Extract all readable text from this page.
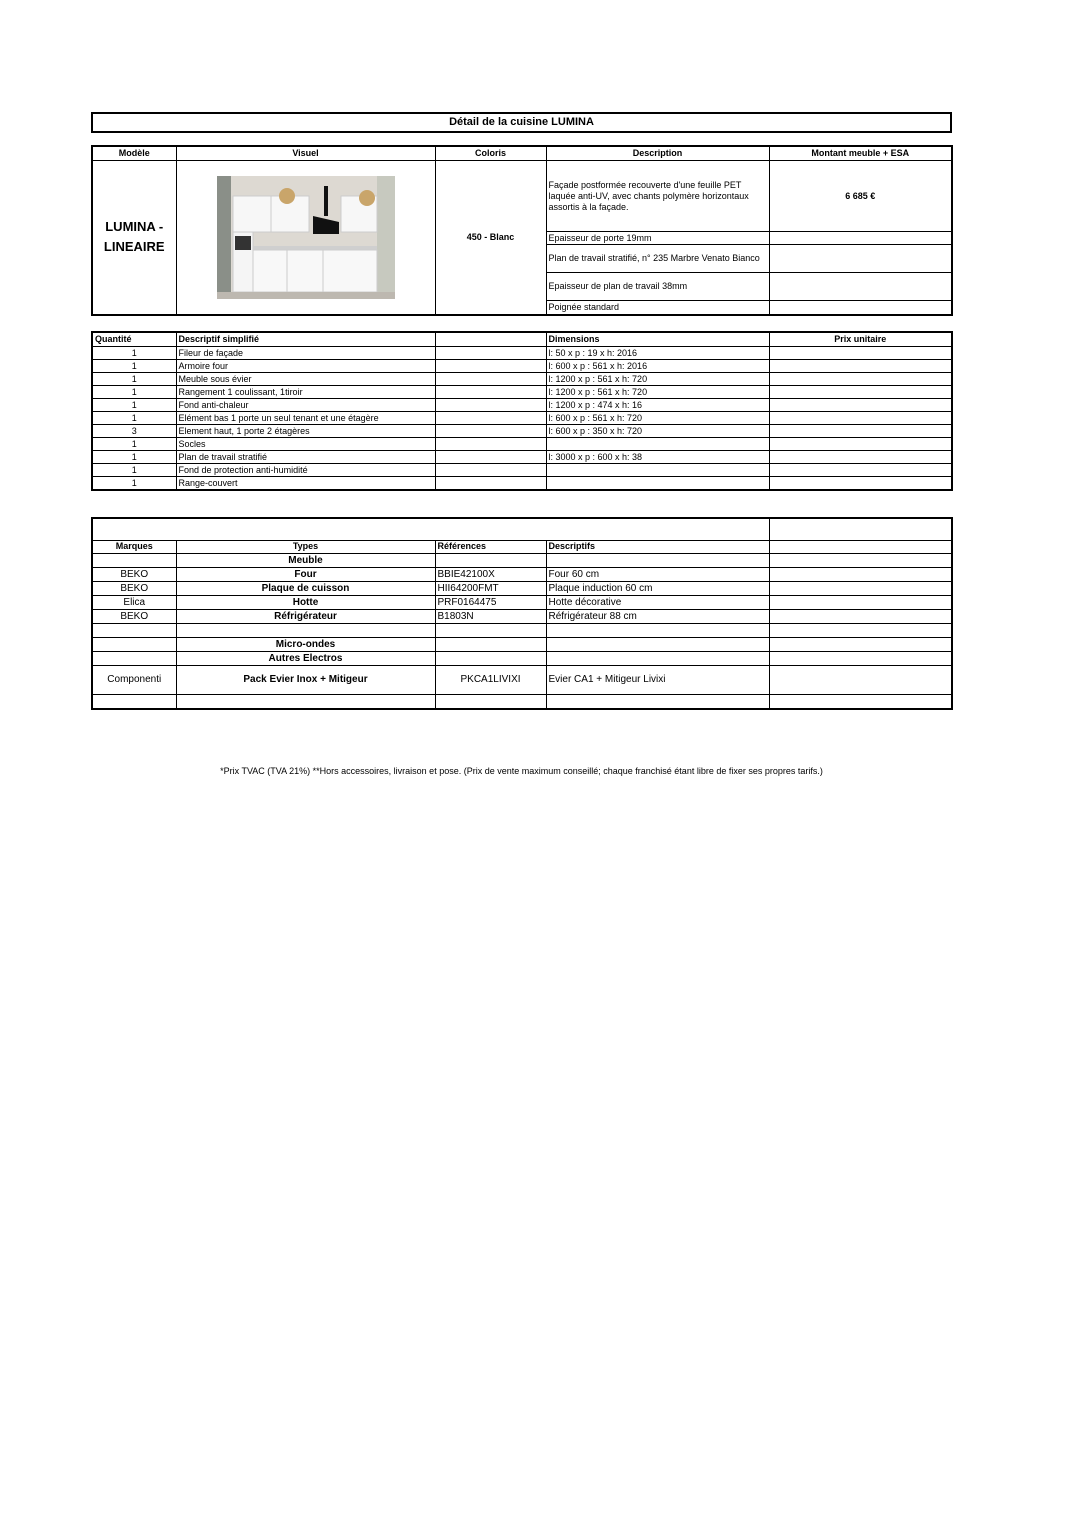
Détail de la cuisine LUMINA
Modèle	Visuel	Coloris	Description	Montant meuble + ESA
LUMINA - LINEAIRE		450 - Blanc	Façade postformée recouverte d'une feuille PET laquée anti-UV, avec chants polymère horizontaux assortis à la façade.	6 685 €
			Epaisseur de porte 19mm	
			Plan de travail stratifié, n° 235 Marbre Venato Bianco	
			Epaisseur de plan de travail 38mm	
			Poignée standard	
Quantité	Descriptif simplifié		Dimensions	Prix unitaire
1	Fileur de façade		l: 50 x p : 19 x h: 2016	
1	Armoire four		l: 600 x p : 561 x h: 2016	
1	Meuble sous évier		l: 1200 x p : 561 x h: 720	
1	Rangement 1 coulissant, 1tiroir		l: 1200 x p : 561 x h: 720	
1	Fond anti-chaleur		l: 1200 x p : 474 x h: 16	
1	Elément bas 1 porte un seul tenant et une étagère		l: 600 x p : 561 x h: 720	
3	Element haut, 1 porte 2 étagères		l: 600 x p : 350 x h: 720	
1	Socles			
1	Plan de travail stratifié		l: 3000 x p : 600 x h: 38	
1	Fond de protection anti-humidité			
1	Range-couvert			

Marques	Types	Références	Descriptifs	
	Meuble			
BEKO	Four	BBIE42100X	Four 60 cm	
BEKO	Plaque de cuisson	HII64200FMT	Plaque induction 60 cm	
Elica	Hotte	PRF0164475	Hotte décorative	
BEKO	Réfrigérateur	B1803N	Réfrigérateur 88 cm	

	Micro-ondes			
	Autres Electros			
Componenti	Pack Evier Inox + Mitigeur	PKCA1LIVIXI	Evier CA1 + Mitigeur Livixi	

*Prix TVAC (TVA 21%) **Hors accessoires, livraison et pose. (Prix de vente maximum conseillé; chaque franchisé étant libre de fixer ses propres tarifs.)
